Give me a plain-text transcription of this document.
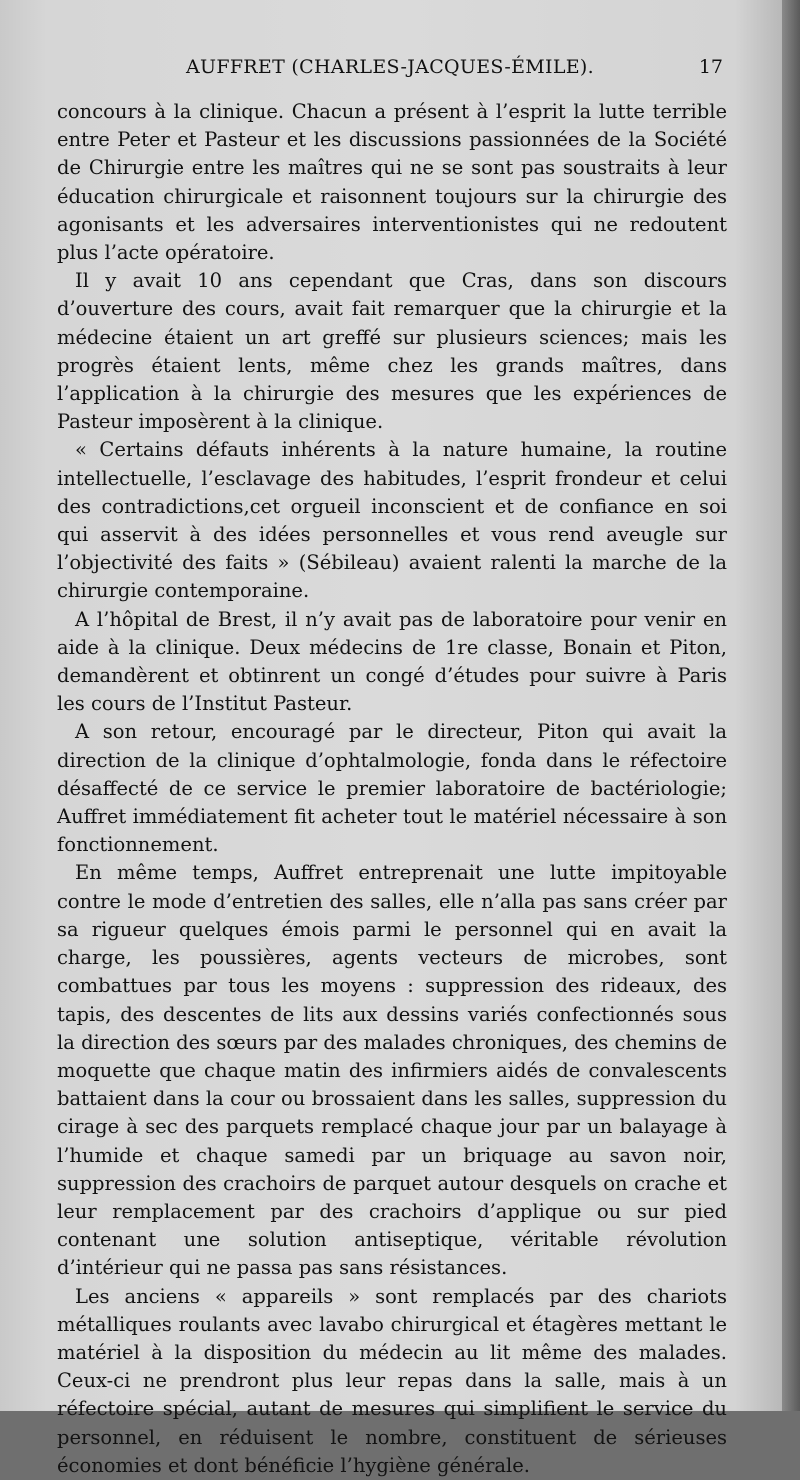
AUFFRET (CHARLES-JACQUES-ÉMILE).	17

concours à la clinique. Chacun a présent à l’esprit la lutte terrible entre Peter et Pasteur et les discussions passionnées de la Société de Chirurgie entre les maîtres qui ne se sont pas soustraits à leur éducation chirurgicale et raisonnent toujours sur la chirurgie des agonisants et les adversaires interventionistes qui ne redoutent plus l’acte opératoire.

Il y avait 10 ans cependant que Cras, dans son discours d’ouverture des cours, avait fait remarquer que la chirurgie et la médecine étaient un art greffé sur plusieurs sciences; mais les progrès étaient lents, même chez les grands maîtres, dans l’application à la chirurgie des mesures que les expériences de Pasteur imposèrent à la clinique.

« Certains défauts inhérents à la nature humaine, la routine intellectuelle, l’esclavage des habitudes, l’esprit frondeur et celui des contradictions,cet orgueil inconscient et de confiance en soi qui asservit à des idées personnelles et vous rend aveugle sur l’objectivité des faits » (Sébileau) avaient ralenti la marche de la chirurgie contemporaine.

A l’hôpital de Brest, il n’y avait pas de laboratoire pour venir en aide à la clinique. Deux médecins de 1re classe, Bonain et Piton, demandèrent et obtinrent un congé d’études pour suivre à Paris les cours de l’Institut Pasteur.

A son retour, encouragé par le directeur, Piton qui avait la direction de la clinique d’ophtalmologie, fonda dans le réfectoire désaffecté de ce service le premier laboratoire de bactériologie; Auffret immédiatement fit acheter tout le matériel nécessaire à son fonctionnement.

En même temps, Auffret entreprenait une lutte impitoyable contre le mode d’entretien des salles, elle n’alla pas sans créer par sa rigueur quelques émois parmi le personnel qui en avait la charge, les poussières, agents vecteurs de microbes, sont combattues par tous les moyens : suppression des rideaux, des tapis, des descentes de lits aux dessins variés confectionnés sous la direction des sœurs par des malades chroniques, des chemins de moquette que chaque matin des infirmiers aidés de convalescents battaient dans la cour ou brossaient dans les salles, suppression du cirage à sec des parquets remplacé chaque jour par un balayage à l’humide et chaque samedi par un briquage au savon noir, suppression des crachoirs de parquet autour desquels on crache et leur remplacement par des crachoirs d’applique ou sur pied contenant une solution antiseptique, véritable révolution d’intérieur qui ne passa pas sans résistances.

Les anciens « appareils » sont remplacés par des chariots métalliques roulants avec lavabo chirurgical et étagères mettant le matériel à la disposition du médecin au lit même des malades. Ceux-ci ne prendront plus leur repas dans la salle, mais à un réfectoire spécial, autant de mesures qui simplifient le service du personnel, en réduisent le nombre, constituent de sérieuses économies et dont bénéficie l’hygiène générale.
